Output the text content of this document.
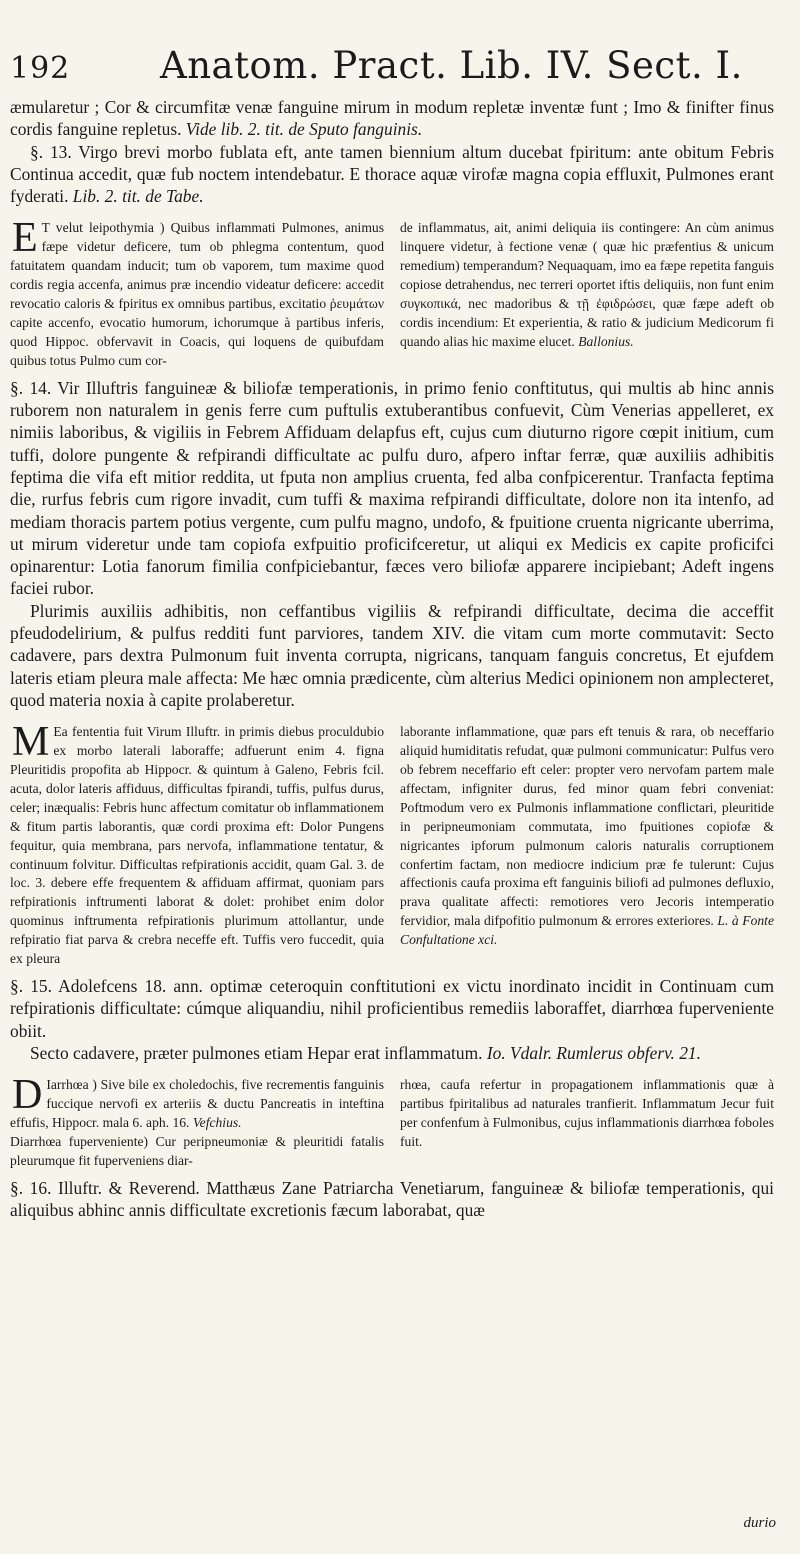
192	Anatom. Pract. Lib. IV. Sect. I.

æmularetur ; Cor & circumfitæ venæ fanguine mirum in modum repletæ inventæ funt ; Imo & finifter finus cordis fanguine repletus. Vide lib. 2. tit. de Sputo fanguinis.

§. 13. Virgo brevi morbo fublata eft, ante tamen biennium altum ducebat fpiritum: ante obitum Febris Continua accedit, quæ fub noctem intendebatur. E thorace aquæ virofæ magna copia effluxit, Pulmones erant fyderati. Lib. 2. tit. de Tabe.

E T velut leipothymia ) Quibus inflammati Pulmones, animus fæpe videtur deficere, tum ob phlegma contentum, quod fatuitatem quandam inducit; tum ob vaporem, tum maxime quod cordis regia accenfa, animus præ incendio videatur deficere: accedit revocatio caloris & fpiritus ex omnibus partibus, excitatio ῥευμάτων capite accenfo, evocatio humorum, ichorumque à partibus inferis, quod Hippoc. obfervavit in Coacis, qui loquens de quibufdam quibus totus Pulmo cum cor-
de inflammatus, ait, animi deliquia iis contingere: An cùm animus linquere videtur, à fectione venæ ( quæ hic præfentius & unicum remedium) temperandum? Nequaquam, imo ea fæpe repetita fanguis copiose detrahendus, nec terreri oportet iftis deliquiis, non funt enim συγκοπικά, nec madoribus & τῇ ἐφιδρώσει, quæ fæpe adeft ob cordis incendium: Et experientia, & ratio & judicium Medicorum fi quando alias hic maxime elucet. Ballonius.

§. 14. Vir Illuftris fanguineæ & biliofæ temperationis, in primo fenio conftitutus, qui multis ab hinc annis ruborem non naturalem in genis ferre cum puftulis extuberantibus confuevit, Cùm Venerias appelleret, ex nimiis laboribus, & vigiliis in Febrem Affiduam delapfus eft, cujus cum diuturno rigore cœpit initium, cum tuffi, dolore pungente & refpirandi difficultate ac pulfu duro, afpero inftar ferræ, quæ auxiliis adhibitis feptima die vifa eft mitior reddita, ut fputa non amplius cruenta, fed alba confpicerentur. Tranfacta feptima die, rurfus febris cum rigore invadit, cum tuffi & maxima refpirandi difficultate, dolore non ita intenfo, ad mediam thoracis partem potius vergente, cum pulfu magno, undofo, & fpuitione cruenta nigricante uberrima, ut mirum videretur unde tam copiofa exfpuitio proficifceretur, ut aliqui ex Medicis ex capite proficifci opinarentur: Lotia fanorum fimilia confpiciebantur, fæces vero biliofæ apparere incipiebant; Adeft ingens faciei rubor.

Plurimis auxiliis adhibitis, non ceffantibus vigiliis & refpirandi difficultate, decima die acceffit pfeudodelirium, & pulfus redditi funt parviores, tandem XIV. die vitam cum morte commutavit: Secto cadavere, pars dextra Pulmonum fuit inventa corrupta, nigricans, tanquam fanguis concretus, Et ejufdem lateris etiam pleura male affecta: Me hæc omnia prædicente, cùm alterius Medici opinionem non amplecteret, quod materia noxia à capite prolaberetur.

M Ea fententia fuit Virum Illuftr. in primis diebus proculdubio ex morbo laterali laboraffe; adfuerunt enim 4. figna Pleuritidis propofita ab Hippocr. & quintum à Galeno, Febris fcil. acuta, dolor lateris affiduus, difficultas fpirandi, tuffis, pulfus durus, celer; inæqualis: Febris hunc affectum comitatur ob inflammationem & fitum partis laborantis, quæ cordi proxima eft: Dolor Pungens fequitur, quia membrana, pars nervofa, inflammatione tentatur, & continuum folvitur. Difficultas refpirationis accidit, quam Gal. 3. de loc. 3. debere effe frequentem & affiduam affirmat, quoniam pars refpirationis inftrumenti laborat & dolet: prohibet enim dolor quominus inftrumenta refpirationis plurimum attollantur, unde refpiratio fiat parva & crebra neceffe eft. Tuffis vero fuccedit, quia ex pleura
laborante inflammatione, quæ pars eft tenuis & rara, ob neceffario aliquid humiditatis refudat, quæ pulmoni communicatur: Pulfus vero ob febrem neceffario eft celer: propter vero nervofam partem male affectam, infigniter durus, fed minor quam febri conveniat: Poftmodum vero ex Pulmonis inflammatione conflictari, pleuritide in peripneumoniam commutata, imo fpuitiones copiofæ & nigricantes ipforum pulmonum caloris naturalis corruptionem confertim factam, non mediocre indicium præ fe tulerunt: Cujus affectionis caufa proxima eft fanguinis biliofi ad pulmones defluxio, prava qualitate affecti: remotiores vero Jecoris intemperatio fervidior, mala difpofitio pulmonum & errores exteriores. L. à Fonte Confultatione xci.

§. 15. Adolefcens 18. ann. optimæ ceteroquin conftitutioni ex victu inordinato incidit in Continuam cum refpirationis difficultate: cúmque aliquandiu, nihil proficientibus remediis laboraffet, diarrhœa fuperveniente obiit.

Secto cadavere, præter pulmones etiam Hepar erat inflammatum. Io. Vdalr. Rumlerus obferv. 21.

D Iarrhœa ) Sive bile ex choledochis, five recrementis fanguinis fuccique nervofi ex arteriis & ductu Pancreatis in inteftina effufis, Hippocr. mala 6. aph. 16. Vefchius.
Diarrhœa fuperveniente) Cur peripneumoniæ & pleuritidi fatalis pleurumque fit fuperveniens diar-
rhœa, caufa refertur in propagationem inflammationis quæ à partibus fpiritalibus ad naturales tranfierit. Inflammatum Jecur fuit per confenfum à Fulmonibus, cujus inflammationis diarrhœa foboles fuit.

§. 16. Illuftr. & Reverend. Matthæus Zane Patriarcha Venetiarum, fanguineæ & biliofæ temperationis, qui aliquibus abhinc annis difficultate excretionis fæcum laborabat, quæ

durio
